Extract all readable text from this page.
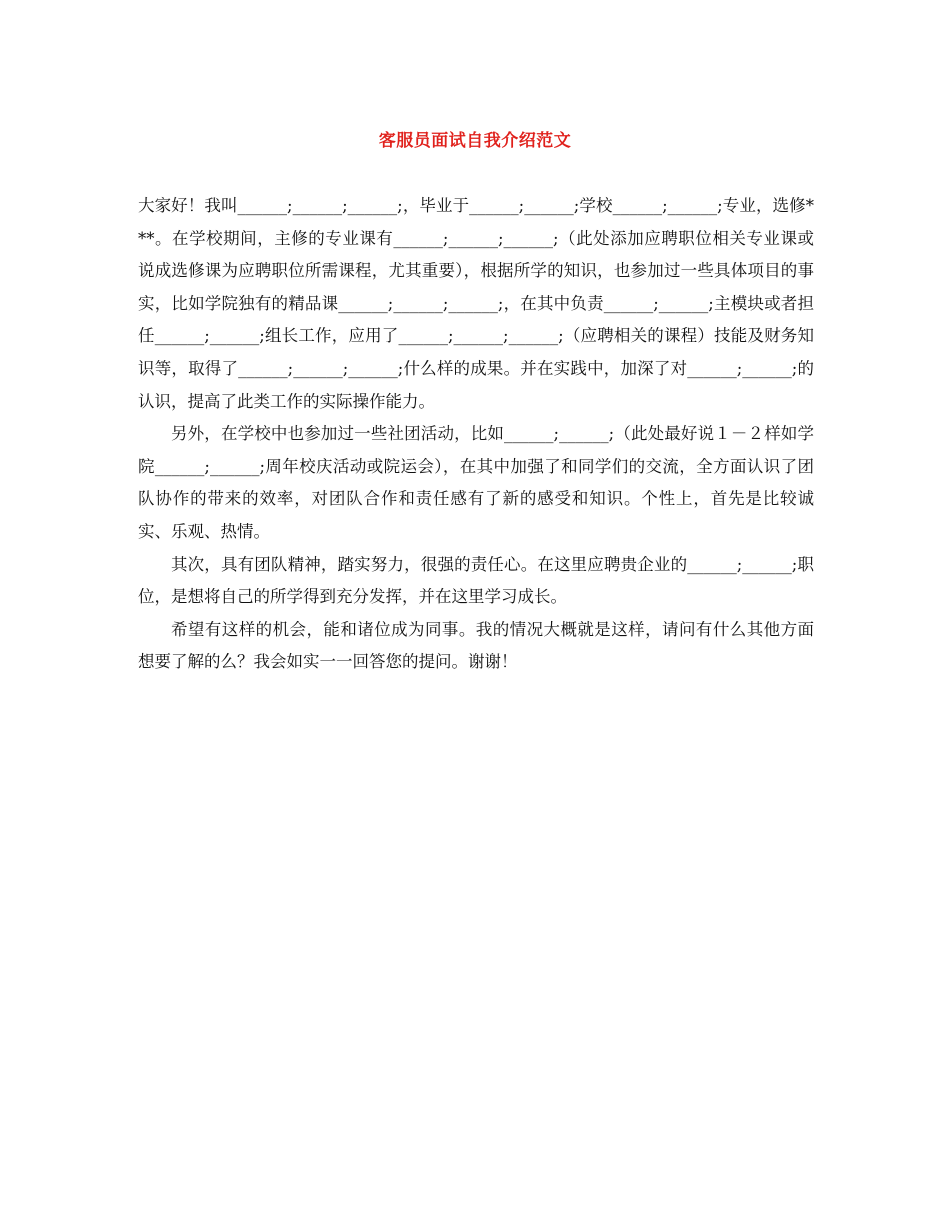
客服员面试自我介绍范文

大家好！我叫______;______;______;，毕业于______;______;学校______;______;专业，选修***。在学校期间，主修的专业课有______;______;______;（此处添加应聘职位相关专业课或说成选修课为应聘职位所需课程，尤其重要），根据所学的知识，也参加过一些具体项目的事实，比如学院独有的精品课______;______;______;，在其中负责______;______;主模块或者担任______;______;组长工作，应用了______;______;______;（应聘相关的课程）技能及财务知识等，取得了______;______;______;什么样的成果。并在实践中，加深了对______;______;的认识，提高了此类工作的实际操作能力。

另外，在学校中也参加过一些社团活动，比如______;______;（此处最好说１－２样如学院______;______;周年校庆活动或院运会），在其中加强了和同学们的交流，全方面认识了团队协作的带来的效率，对团队合作和责任感有了新的感受和知识。个性上，首先是比较诚实、乐观、热情。

其次，具有团队精神，踏实努力，很强的责任心。在这里应聘贵企业的______;______;职位，是想将自己的所学得到充分发挥，并在这里学习成长。

希望有这样的机会，能和诸位成为同事。我的情况大概就是这样，请问有什么其他方面想要了解的么？我会如实一一回答您的提问。谢谢！
